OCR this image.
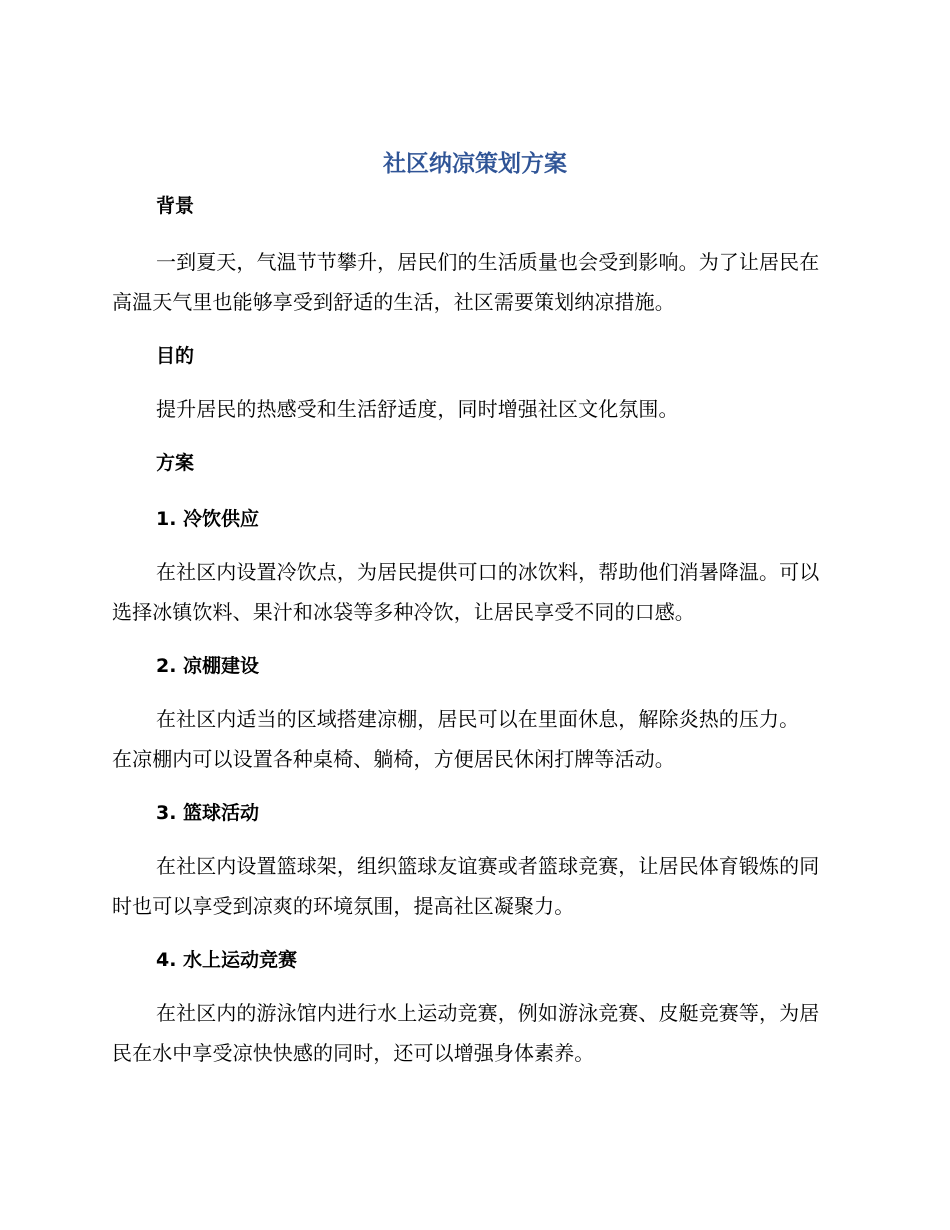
社区纳凉策划方案

背景

一到夏天，气温节节攀升，居民们的生活质量也会受到影响。为了让居民在高温天气里也能够享受到舒适的生活，社区需要策划纳凉措施。

目的

提升居民的热感受和生活舒适度，同时增强社区文化氛围。

方案

1. 冷饮供应

在社区内设置冷饮点，为居民提供可口的冰饮料，帮助他们消暑降温。可以选择冰镇饮料、果汁和冰袋等多种冷饮，让居民享受不同的口感。

2. 凉棚建设

在社区内适当的区域搭建凉棚，居民可以在里面休息，解除炎热的压力。在凉棚内可以设置各种桌椅、躺椅，方便居民休闲打牌等活动。

3. 篮球活动

在社区内设置篮球架，组织篮球友谊赛或者篮球竞赛，让居民体育锻炼的同时也可以享受到凉爽的环境氛围，提高社区凝聚力。

4. 水上运动竞赛

在社区内的游泳馆内进行水上运动竞赛，例如游泳竞赛、皮艇竞赛等，为居民在水中享受凉快快感的同时，还可以增强身体素养。
